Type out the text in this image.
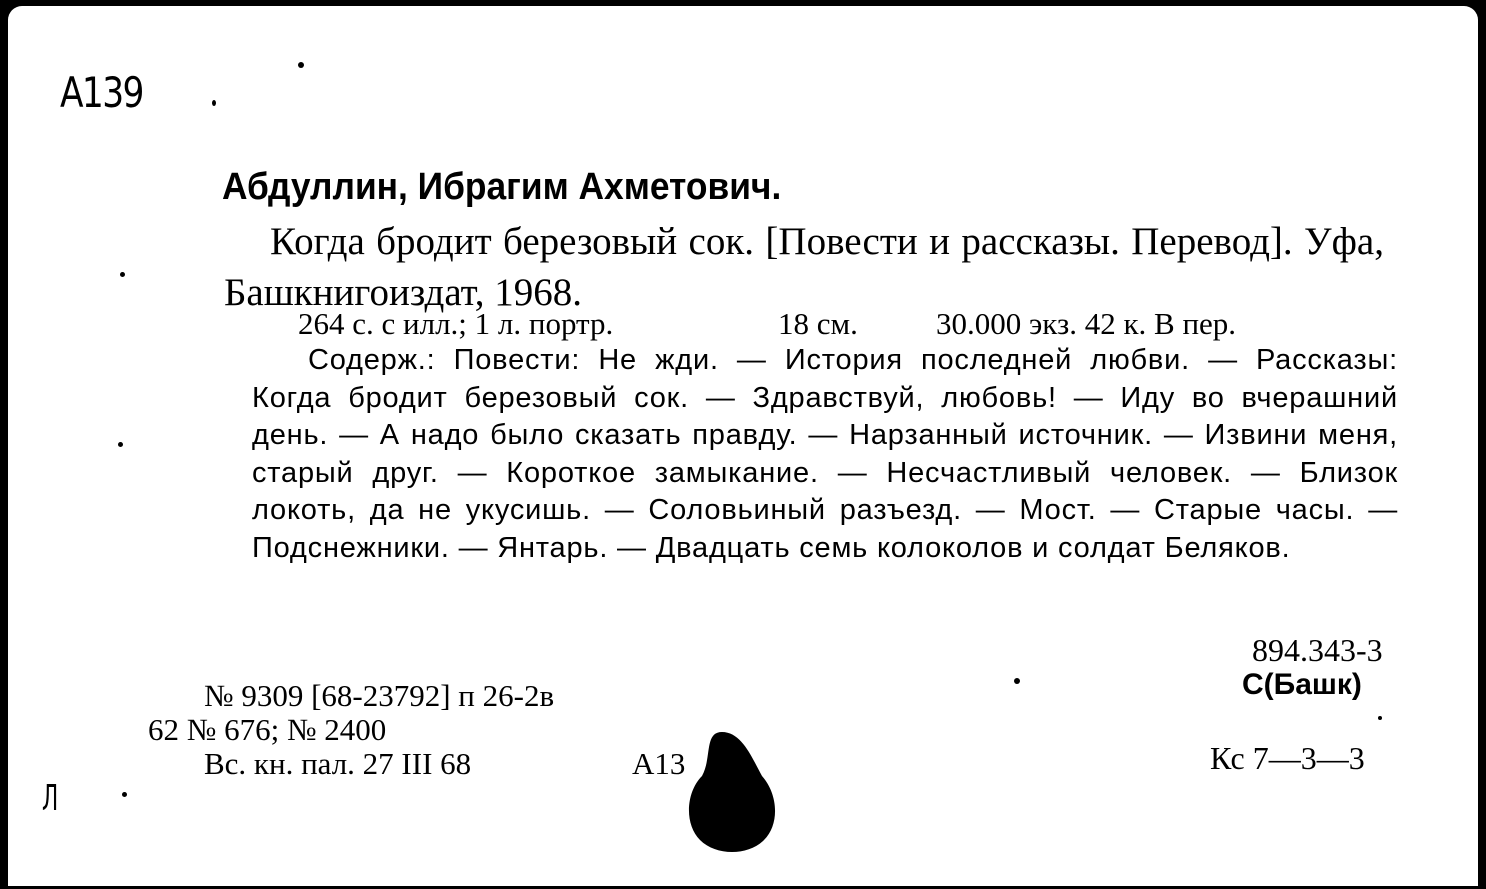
А139
Абдуллин, Ибрагим Ахметович.
Когда бродит березовый сок. [Повести и рассказы. Перевод]. Уфа, Башкнигоиздат, 1968.
264 с. с илл.; 1 л. портр.	18 см.	30.000 экз. 42 к. В пер.
Содерж.: Повести: Не жди. — История последней любви. — Рассказы: Когда бродит березовый сок. — Здравствуй, любовь! — Иду во вчерашний день. — А надо было сказать правду. — Нарзанный источник. — Извини меня, старый друг. — Короткое замыкание. — Несчастливый человек. — Близок локоть, да не укусишь. — Соловьиный разъезд. — Мост. — Старые часы. — Подснежники. — Янтарь. — Двадцать семь колоколов и солдат Беляков.
№ 9309 [68-23792] п 26-2в
62 № 676; № 2400
Вс. кн. пал. 27 III 68	А13
894.343-3
С(Башк)
Кс 7—3—3
Л
